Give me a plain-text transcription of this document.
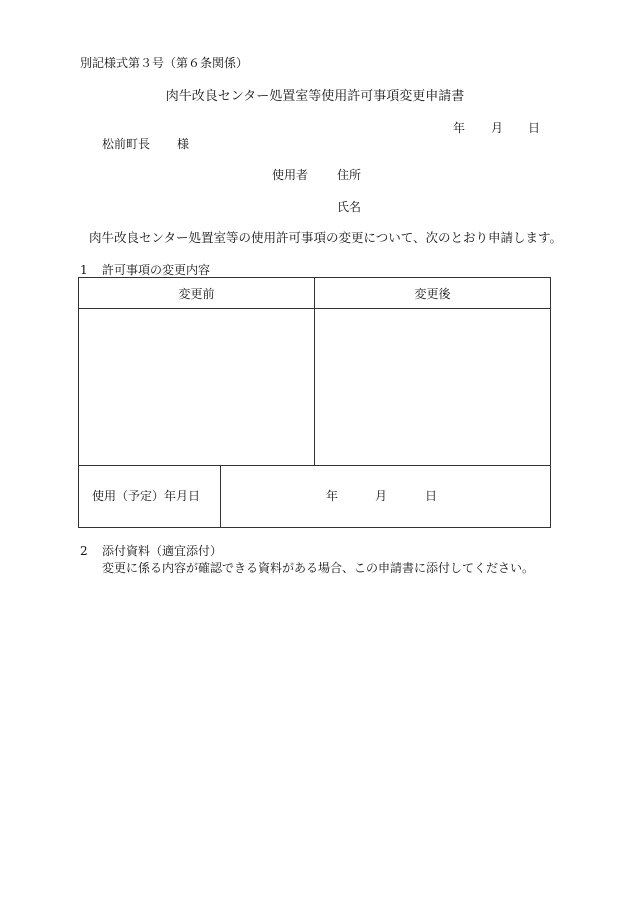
別記様式第３号（第６条関係）
肉牛改良センター処置室等使用許可事項変更申請書
年 月 日
松前町長 様
使用者 住所
氏名
肉牛改良センター処置室等の使用許可事項の変更について、次のとおり申請します。
1 許可事項の変更内容
変更前	変更後
使用（予定）年月日	年	月	日
2 添付資料（適宜添付）
変更に係る内容が確認できる資料がある場合、この申請書に添付してください。
